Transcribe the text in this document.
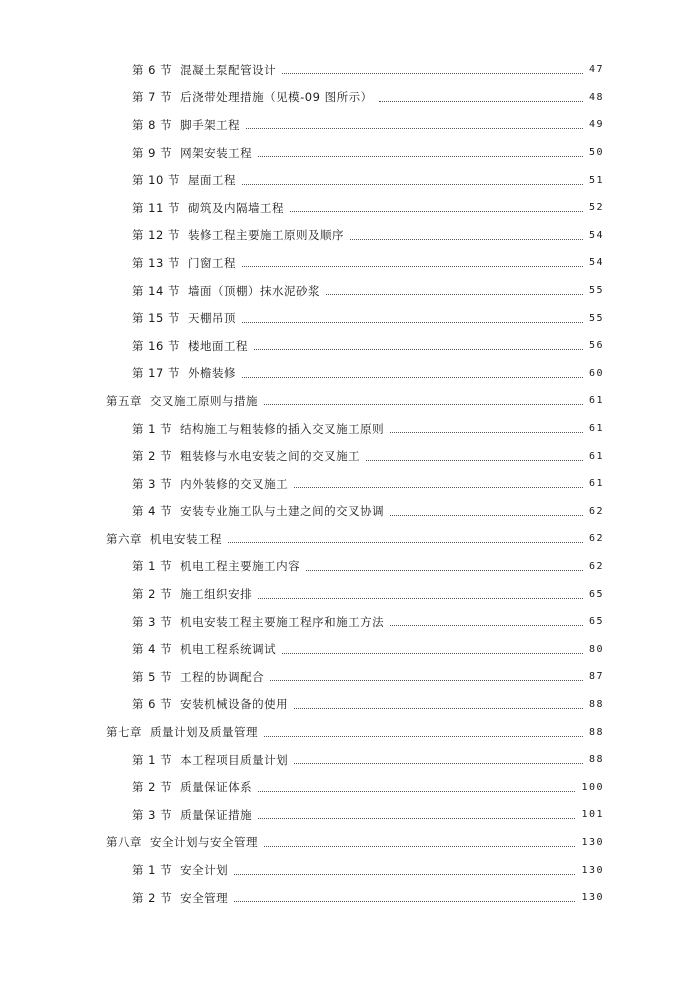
第 6 节 混凝土泵配管设计	47
第 7 节 后浇带处理措施（见模-09 图所示）	48
第 8 节 脚手架工程	49
第 9 节 网架安装工程	50
第 10 节 屋面工程	51
第 11 节 砌筑及内隔墙工程	52
第 12 节 装修工程主要施工原则及顺序	54
第 13 节 门窗工程	54
第 14 节 墙面（顶棚）抹水泥砂浆	55
第 15 节 天棚吊顶	55
第 16 节 楼地面工程	56
第 17 节 外檐装修	60
第五章 交叉施工原则与措施	61
第 1 节 结构施工与粗装修的插入交叉施工原则	61
第 2 节 粗装修与水电安装之间的交叉施工	61
第 3 节 内外装修的交叉施工	61
第 4 节 安装专业施工队与土建之间的交叉协调	62
第六章 机电安装工程	62
第 1 节 机电工程主要施工内容	62
第 2 节 施工组织安排	65
第 3 节 机电安装工程主要施工程序和施工方法	65
第 4 节 机电工程系统调试	80
第 5 节 工程的协调配合	87
第 6 节 安装机械设备的使用	88
第七章 质量计划及质量管理	88
第 1 节 本工程项目质量计划	88
第 2 节 质量保证体系	100
第 3 节 质量保证措施	101
第八章 安全计划与安全管理	130
第 1 节 安全计划	130
第 2 节 安全管理	130
